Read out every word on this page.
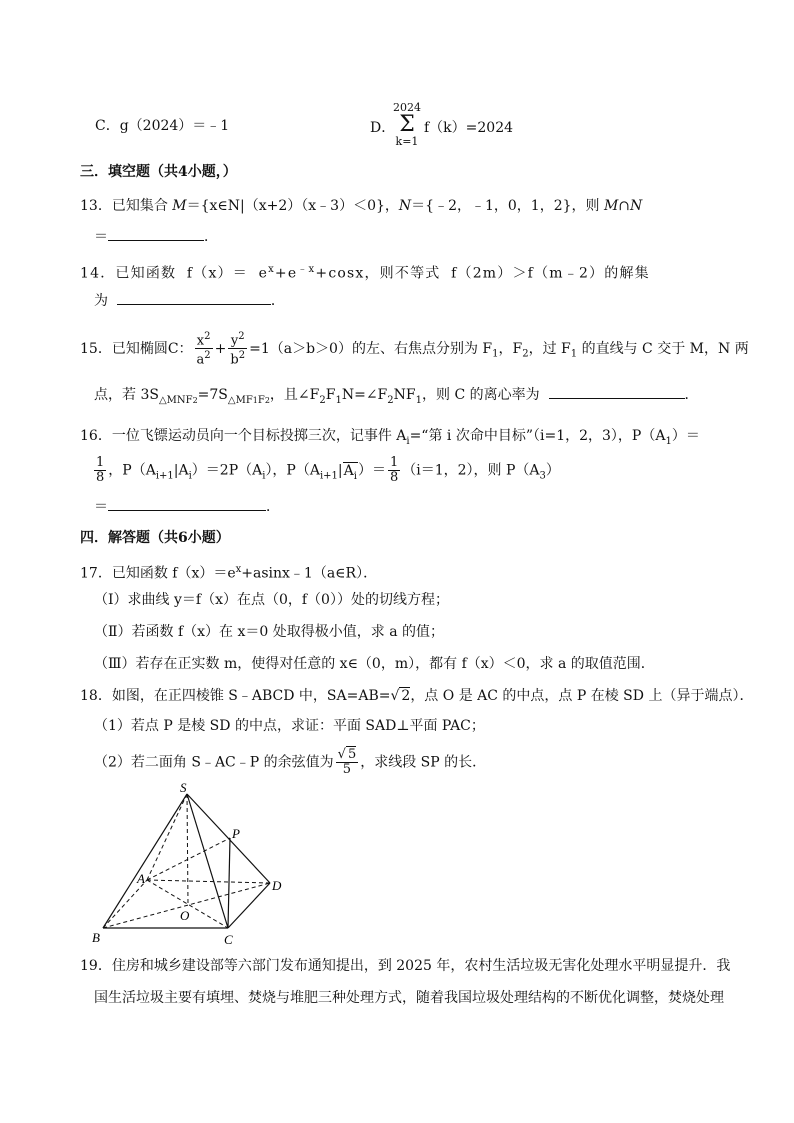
C．g（2024）＝﹣1	D．
2024
Σ
k=1
f（k）=2024
三．填空题（共4小题，）
13．已知集合 M＝{x∈N|（x+2）（x﹣3）＜0}，N＝{﹣2，﹣1，0，1，2}，则 M∩N
＝	．
14．已知函数 $f(x)= e^x+e^{﹣x}+\cos x$，则不等式 f（2m）＞f（m﹣2）的解集
为	．
15．已知椭圆C： $\frac{x^2}{a^2} + \frac{y^2}{b^2} =1(a>b>0)$的左、右焦点分别为 $F_1$，$F_2$，过 $F_1$ 的直线与 C 交于 M，N 两
点，若 $3S_{\triangle MNF2}=7S_{\triangle MF1F2}$，且$\angle F_2F_1N=\angle F_2NF_1$，则 C 的离心率为	．
16．一位飞镖运动员向一个目标投掷三次，记事件 $A_i=“$第 i 次命中目标”（i=1，2，3），$P(A_1)=$
$\frac{1}{8}$ ，$P(A_{i+1}|A_i)=2P(A_i)$，$P(A_{i+1}|A_i)= \frac{1}{8} (i=1$，2），则 $P(A_3)$
＝	．
四．解答题（共6小题）
17．已知函数 $f(x)=e^x+asinx﹣1(a\in R)$．
（Ⅰ）求曲线 y＝f（x）在点（0，f（0））处的切线方程；
（Ⅱ）若函数 f（x）在 x＝0 处取得极小值，求 a 的值；
（Ⅲ）若存在正实数 m，使得对任意的 x∈（0，m），都有 f（x）＜0，求 a 的取值范围．
18．如图，在正四棱锥 S﹣ABCD 中，SA=AB=√ 2，点 O 是 AC 的中点，点 P 在棱 SD 上（异于端点）．
（1）若点 P 是棱 SD 的中点，求证：平面 SAD⊥平面 PAC；
（2）若二面角 S﹣AC﹣P 的余弦值为 $\frac{√ 5}{5}$ ，求线段 SP 的长．
S
P
A	D
O
B	C
19．住房和城乡建设部等六部门发布通知提出，到 2025 年，农村生活垃圾无害化处理水平明显提升．我
国生活垃圾主要有填埋、焚烧与堆肥三种处理方式，随着我国垃圾处理结构的不断优化调整，焚烧处理
